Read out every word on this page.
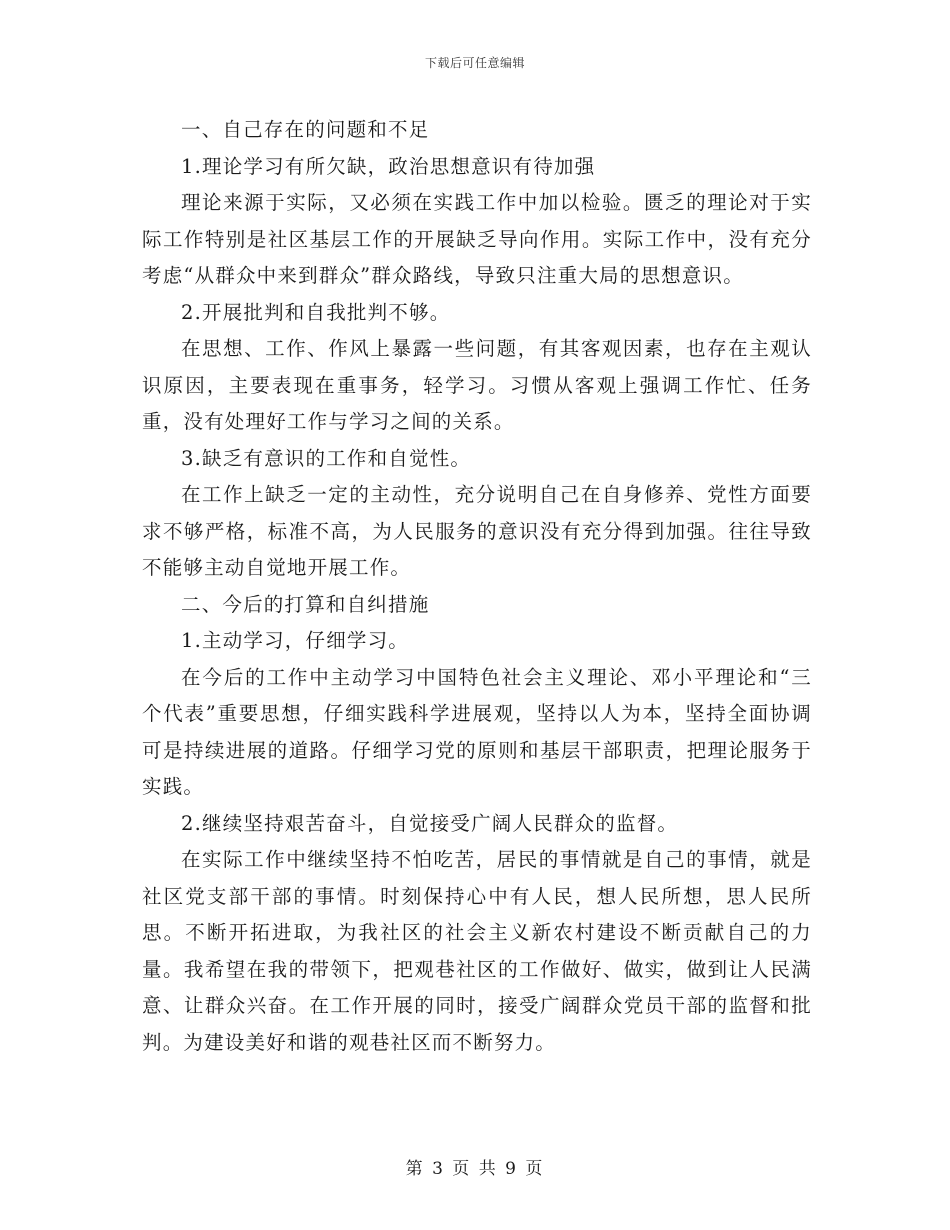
下载后可任意编辑

一、自己存在的问题和不足

1.理论学习有所欠缺，政治思想意识有待加强

理论来源于实际，又必须在实践工作中加以检验。匮乏的理论对于实际工作特别是社区基层工作的开展缺乏导向作用。实际工作中，没有充分考虑“从群众中来到群众”群众路线，导致只注重大局的思想意识。

2.开展批判和自我批判不够。

在思想、工作、作风上暴露一些问题，有其客观因素，也存在主观认识原因，主要表现在重事务，轻学习。习惯从客观上强调工作忙、任务重，没有处理好工作与学习之间的关系。

3.缺乏有意识的工作和自觉性。

在工作上缺乏一定的主动性，充分说明自己在自身修养、党性方面要求不够严格，标准不高，为人民服务的意识没有充分得到加强。往往导致不能够主动自觉地开展工作。

二、今后的打算和自纠措施

1.主动学习，仔细学习。

在今后的工作中主动学习中国特色社会主义理论、邓小平理论和“三个代表”重要思想，仔细实践科学进展观，坚持以人为本，坚持全面协调可是持续进展的道路。仔细学习党的原则和基层干部职责，把理论服务于实践。

2.继续坚持艰苦奋斗，自觉接受广阔人民群众的监督。

在实际工作中继续坚持不怕吃苦，居民的事情就是自己的事情，就是社区党支部干部的事情。时刻保持心中有人民，想人民所想，思人民所思。不断开拓进取，为我社区的社会主义新农村建设不断贡献自己的力量。我希望在我的带领下，把观巷社区的工作做好、做实，做到让人民满意、让群众兴奋。在工作开展的同时，接受广阔群众党员干部的监督和批判。为建设美好和谐的观巷社区而不断努力。

第 3 页 共 9 页
